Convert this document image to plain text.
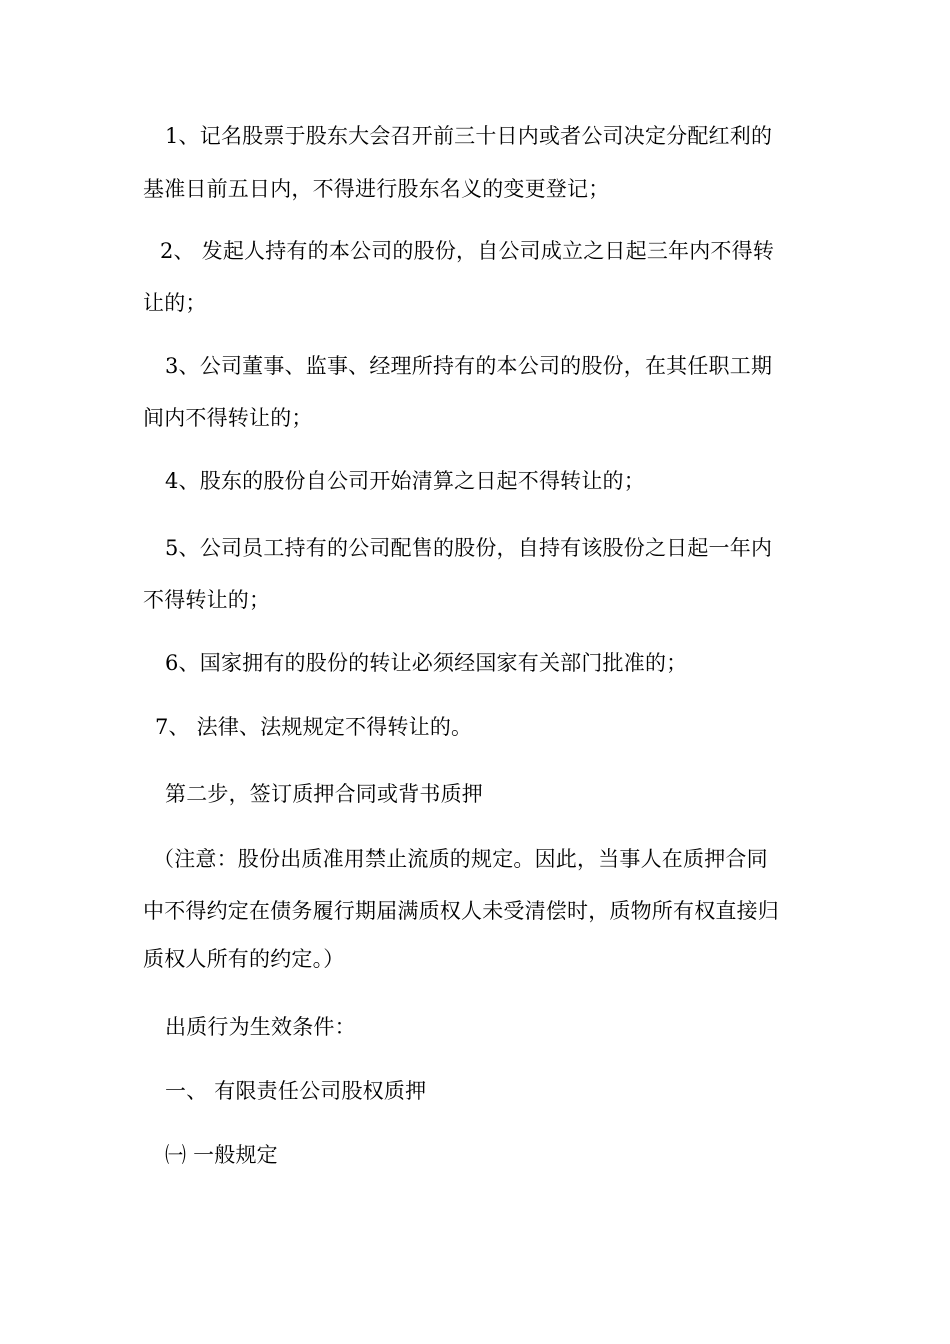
1、记名股票于股东大会召开前三十日内或者公司决定分配红利的
基准日前五日内，不得进行股东名义的变更登记；
2、 发起人持有的本公司的股份，自公司成立之日起三年内不得转
让的；
3、公司董事、监事、经理所持有的本公司的股份，在其任职工期
间内不得转让的；
4、股东的股份自公司开始清算之日起不得转让的；
5、公司员工持有的公司配售的股份，自持有该股份之日起一年内
不得转让的；
6、国家拥有的股份的转让必须经国家有关部门批准的；
7、 法律、法规规定不得转让的。
第二步，签订质押合同或背书质押
（注意：股份出质准用禁止流质的规定。因此，当事人在质押合同
中不得约定在债务履行期届满质权人未受清偿时，质物所有权直接归
质权人所有的约定。）
出质行为生效条件：
一、 有限责任公司股权质押
㈠ 一般规定
